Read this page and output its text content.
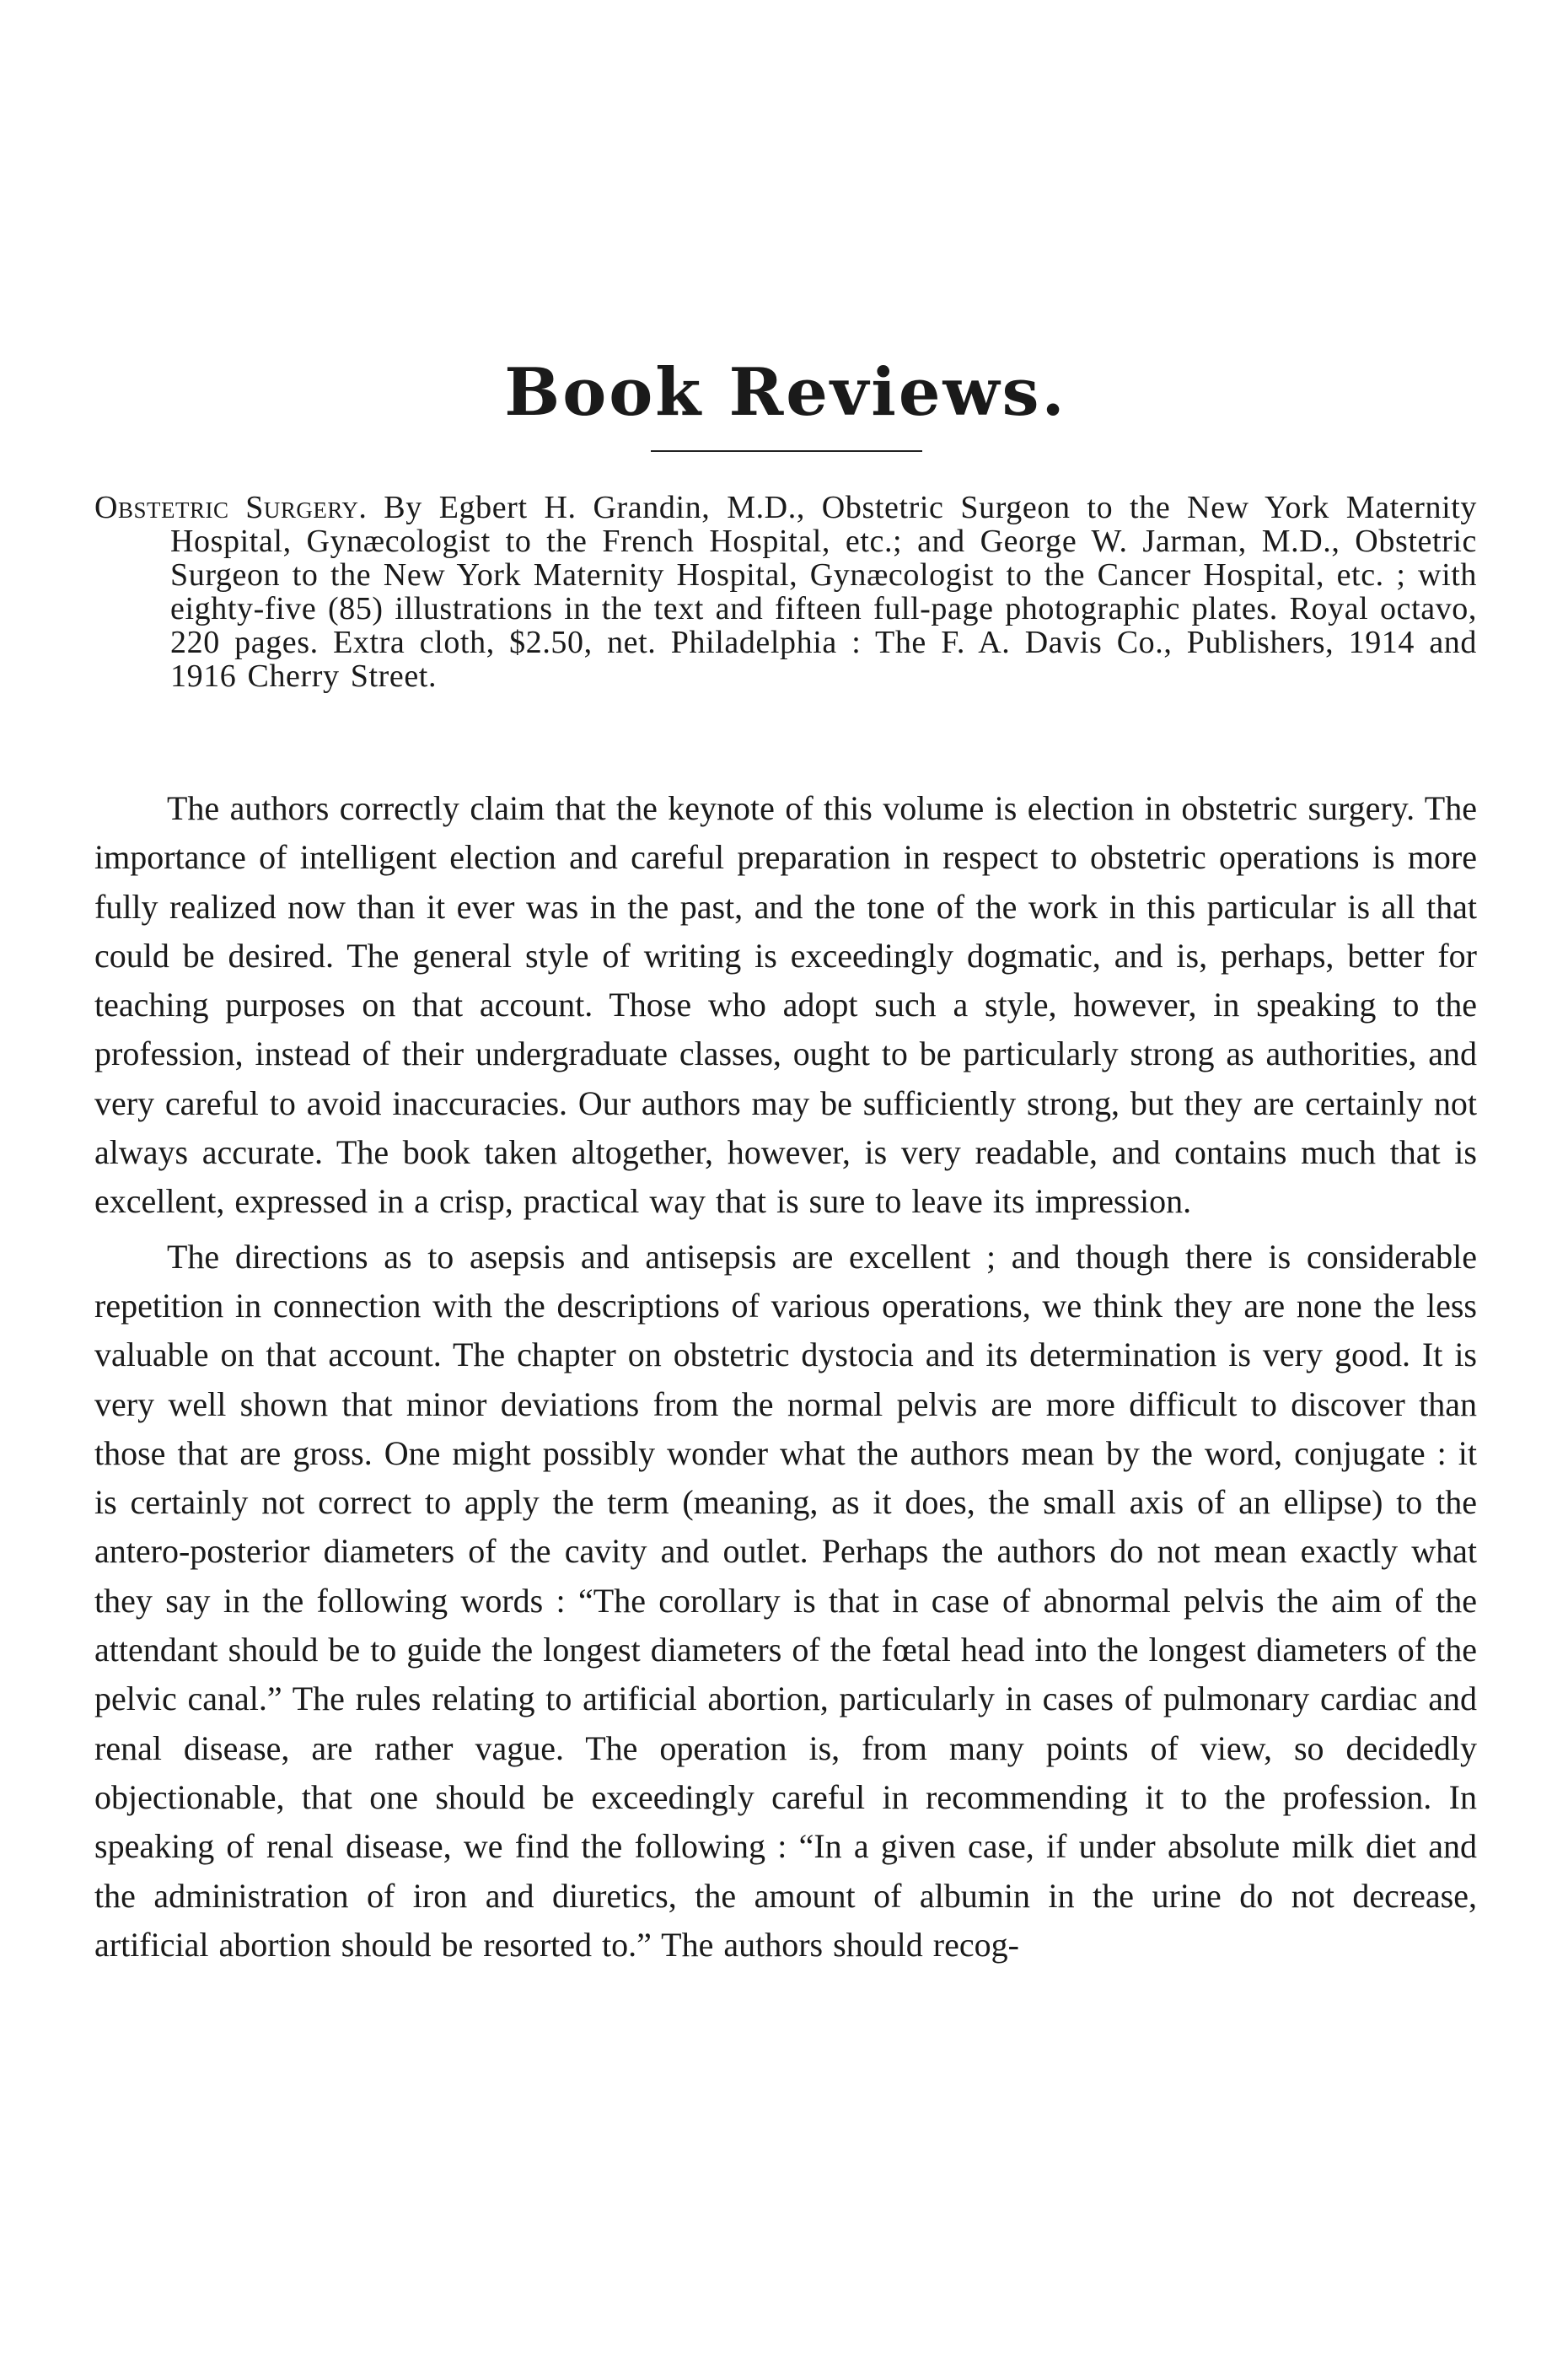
Book Reviews.

Obstetric Surgery. By Egbert H. Grandin, M.D., Obstetric Surgeon to the New York Maternity Hospital, Gynæcologist to the French Hospital, etc.; and George W. Jarman, M.D., Obstetric Surgeon to the New York Maternity Hospital, Gynæcologist to the Cancer Hospital, etc. ; with eighty-five (85) illustrations in the text and fifteen full-page photographic plates. Royal octavo, 220 pages. Extra cloth, $2.50, net. Philadelphia : The F. A. Davis Co., Publishers, 1914 and 1916 Cherry Street.

The authors correctly claim that the keynote of this volume is election in obstetric surgery. The importance of intelligent election and careful preparation in respect to obstetric operations is more fully realized now than it ever was in the past, and the tone of the work in this particular is all that could be desired. The general style of writing is exceedingly dogmatic, and is, perhaps, better for teaching purposes on that account. Those who adopt such a style, however, in speaking to the profession, instead of their undergraduate classes, ought to be particularly strong as authorities, and very careful to avoid inaccuracies. Our authors may be sufficiently strong, but they are certainly not always accurate. The book taken altogether, however, is very readable, and contains much that is excellent, expressed in a crisp, practical way that is sure to leave its impression.

The directions as to asepsis and antisepsis are excellent ; and though there is considerable repetition in connection with the descriptions of various operations, we think they are none the less valuable on that account. The chapter on obstetric dystocia and its determination is very good. It is very well shown that minor deviations from the normal pelvis are more difficult to discover than those that are gross. One might possibly wonder what the authors mean by the word, conjugate : it is certainly not correct to apply the term (meaning, as it does, the small axis of an ellipse) to the antero-posterior diameters of the cavity and outlet. Perhaps the authors do not mean exactly what they say in the following words : “The corollary is that in case of abnormal pelvis the aim of the attendant should be to guide the longest diameters of the fœtal head into the longest diameters of the pelvic canal.” The rules relating to artificial abortion, particularly in cases of pulmonary cardiac and renal disease, are rather vague. The operation is, from many points of view, so decidedly objectionable, that one should be exceedingly careful in recommending it to the profession. In speaking of renal disease, we find the following : “In a given case, if under absolute milk diet and the administration of iron and diuretics, the amount of albumin in the urine do not decrease, artificial abortion should be resorted to.” The authors should recog-
